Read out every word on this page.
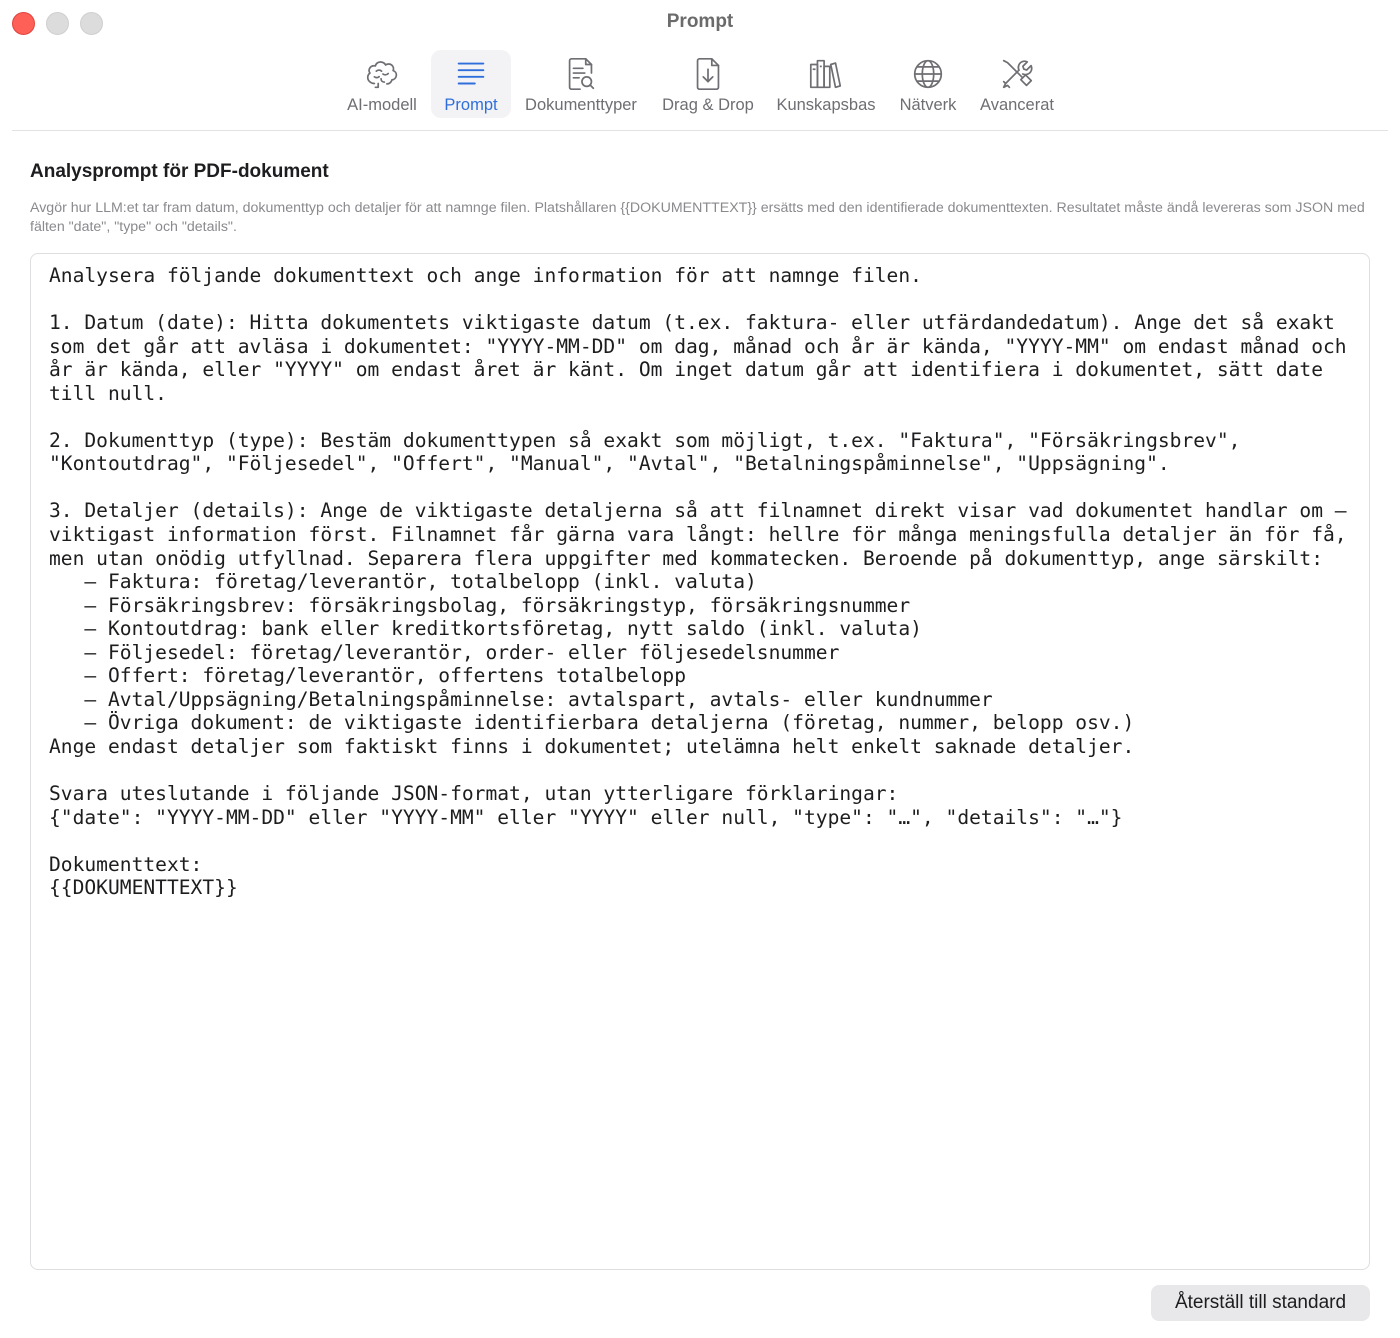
Prompt
AI-modell Prompt Dokumenttyper Drag & Drop Kunskapsbas Nätverk Avancerat
Analysprompt för PDF-dokument
Avgör hur LLM:et tar fram datum, dokumenttyp och detaljer för att namnge filen. Platshållaren {{DOKUMENTTEXT}} ersätts med den identifierade dokumenttexten. Resultatet måste ändå levereras som JSON med fälten "date", "type" och "details".
Analysera följande dokumenttext och ange information för att namnge filen.

1. Datum (date): Hitta dokumentets viktigaste datum (t.ex. faktura- eller utfärdandedatum). Ange det så exakt
som det går att avläsa i dokumentet: "YYYY-MM-DD" om dag, månad och år är kända, "YYYY-MM" om endast månad och
år är kända, eller "YYYY" om endast året är känt. Om inget datum går att identifiera i dokumentet, sätt date
till null.

2. Dokumenttyp (type): Bestäm dokumenttypen så exakt som möjligt, t.ex. "Faktura", "Försäkringsbrev",
"Kontoutdrag", "Följesedel", "Offert", "Manual", "Avtal", "Betalningspåminnelse", "Uppsägning".

3. Detaljer (details): Ange de viktigaste detaljerna så att filnamnet direkt visar vad dokumentet handlar om —
viktigast information först. Filnamnet får gärna vara långt: hellre för många meningsfulla detaljer än för få,
men utan onödig utfyllnad. Separera flera uppgifter med kommatecken. Beroende på dokumenttyp, ange särskilt:
– Faktura: företag/leverantör, totalbelopp (inkl. valuta)
– Försäkringsbrev: försäkringsbolag, försäkringstyp, försäkringsnummer
– Kontoutdrag: bank eller kreditkortsföretag, nytt saldo (inkl. valuta)
– Följesedel: företag/leverantör, order- eller följesedelsnummer
– Offert: företag/leverantör, offertens totalbelopp
– Avtal/Uppsägning/Betalningspåminnelse: avtalspart, avtals- eller kundnummer
– Övriga dokument: de viktigaste identifierbara detaljerna (företag, nummer, belopp osv.)
Ange endast detaljer som faktiskt finns i dokumentet; utelämna helt enkelt saknade detaljer.

Svara uteslutande i följande JSON-format, utan ytterligare förklaringar:
{"date": "YYYY-MM-DD" eller "YYYY-MM" eller "YYYY" eller null, "type": "…", "details": "…"}

Dokumenttext:
{{DOKUMENTTEXT}}
Återställ till standard
